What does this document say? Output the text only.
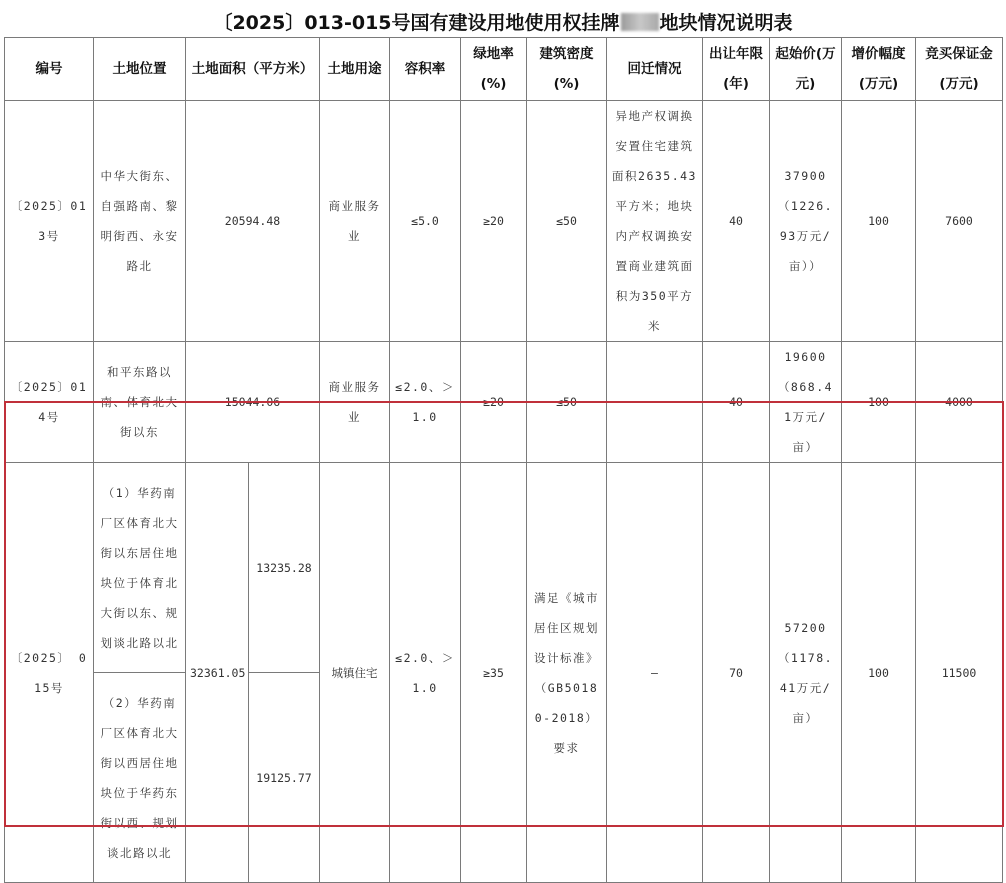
〔2025〕013-015号国有建设用地使用权挂牌 地块情况说明表
编号	土地位置	土地面积（平方米）		土地用途	容积率	绿地率(%)	建筑密度(%)	回迁情况	出让年限(年)	起始价(万元)	增价幅度(万元)	竞买保证金(万元)
〔2025〕013号	中华大街东、自强路南、黎明街西、永安路北	20594.48		商业服务业	≤5.0	≥20	≤50	异地产权调换安置住宅建筑面积2635.43平方米；地块内产权调换安置商业建筑面积为350平方米	40	37900（1226.93万元/亩））	100	7600
〔2025〕014号	和平东路以南、体育北大街以东	15044.06		商业服务业	≤2.0、＞1.0	≥20	≤50	–	40	19600（868.41万元/亩）	100	4000
〔2025〕 015号	（1）华药南厂区体育北大街以东居住地块位于体育北大街以东、规划谈北路以北	32361.05	13235.28	城镇住宅	≤2.0、＞1.0	≥35	满足《城市居住区规划设计标准》（GB50180-2018）要求	–	70	57200（1178.41万元/亩）	100	11500
	（2）华药南厂区体育北大街以西居住地块位于华药东街以西、规划谈北路以北		19125.77									
